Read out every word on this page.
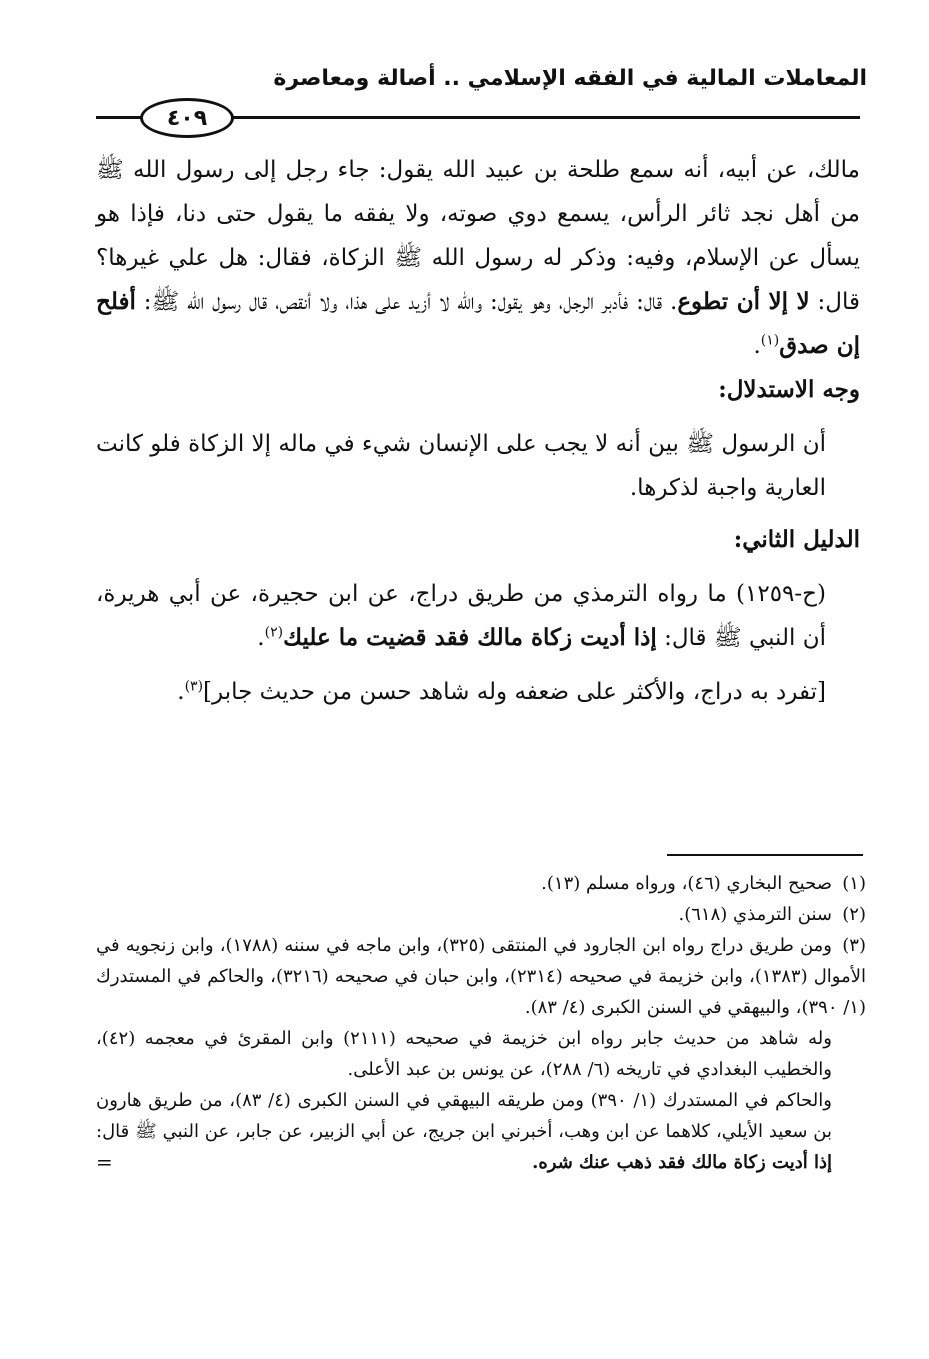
المعاملات المالية في الفقه الإسلامي .. أصالة ومعاصرة
٤٠٩

مالك، عن أبيه، أنه سمع طلحة بن عبيد الله يقول: جاء رجل إلى رسول الله ﷺ من أهل نجد ثائر الرأس، يسمع دوي صوته، ولا يفقه ما يقول حتى دنا، فإذا هو يسأل عن الإسلام، وفيه: وذكر له رسول الله ﷺ الزكاة، فقال: هل علي غيرها؟ قال: لا إلا أن تطوع. قال: فأدبر الرجل، وهو يقول: والله لا أزيد على هذا، ولا أنقص، قال رسول الله ﷺ: أفلح إن صدق$^{(١)}$.

وجه الاستدلال:

أن الرسول ﷺ بين أنه لا يجب على الإنسان شيء في ماله إلا الزكاة فلو كانت العارية واجبة لذكرها.

الدليل الثاني:

(ح-١٢٥٩) ما رواه الترمذي من طريق دراج، عن ابن حجيرة، عن أبي هريرة، أن النبي ﷺ قال: إذا أديت زكاة مالك فقد قضيت ما عليك$^{(٢)}$.

[تفرد به دراج، والأكثر على ضعفه وله شاهد حسن من حديث جابر]$^{(٣)}$.

(١)صحيح البخاري (٤٦)، ورواه مسلم (١٣).

(٢)سنن الترمذي (٦١٨).

(٣)ومن طريق دراج رواه ابن الجارود في المنتقى (٣٢٥)، وابن ماجه في سننه (١٧٨٨)، وابن زنجويه في الأموال (١٣٨٣)، وابن خزيمة في صحيحه (٢٣١٤)، وابن حبان في صحيحه (٣٢١٦)، والحاكم في المستدرك (١/ ٣٩٠)، والبيهقي في السنن الكبرى (٤/ ٨٣).

وله شاهد من حديث جابر رواه ابن خزيمة في صحيحه (٢١١١) وابن المقرئ في معجمه (٤٢)، والخطيب البغدادي في تاريخه (٦/ ٢٨٨)، عن يونس بن عبد الأعلى.

والحاكم في المستدرك (١/ ٣٩٠) ومن طريقه البيهقي في السنن الكبرى (٤/ ٨٣)، من طريق هارون بن سعيد الأيلي، كلاهما عن ابن وهب، أخبرني ابن جريج، عن أبي الزبير، عن جابر، عن النبي ﷺ قال: إذا أديت زكاة مالك فقد ذهب عنك شره.

=
